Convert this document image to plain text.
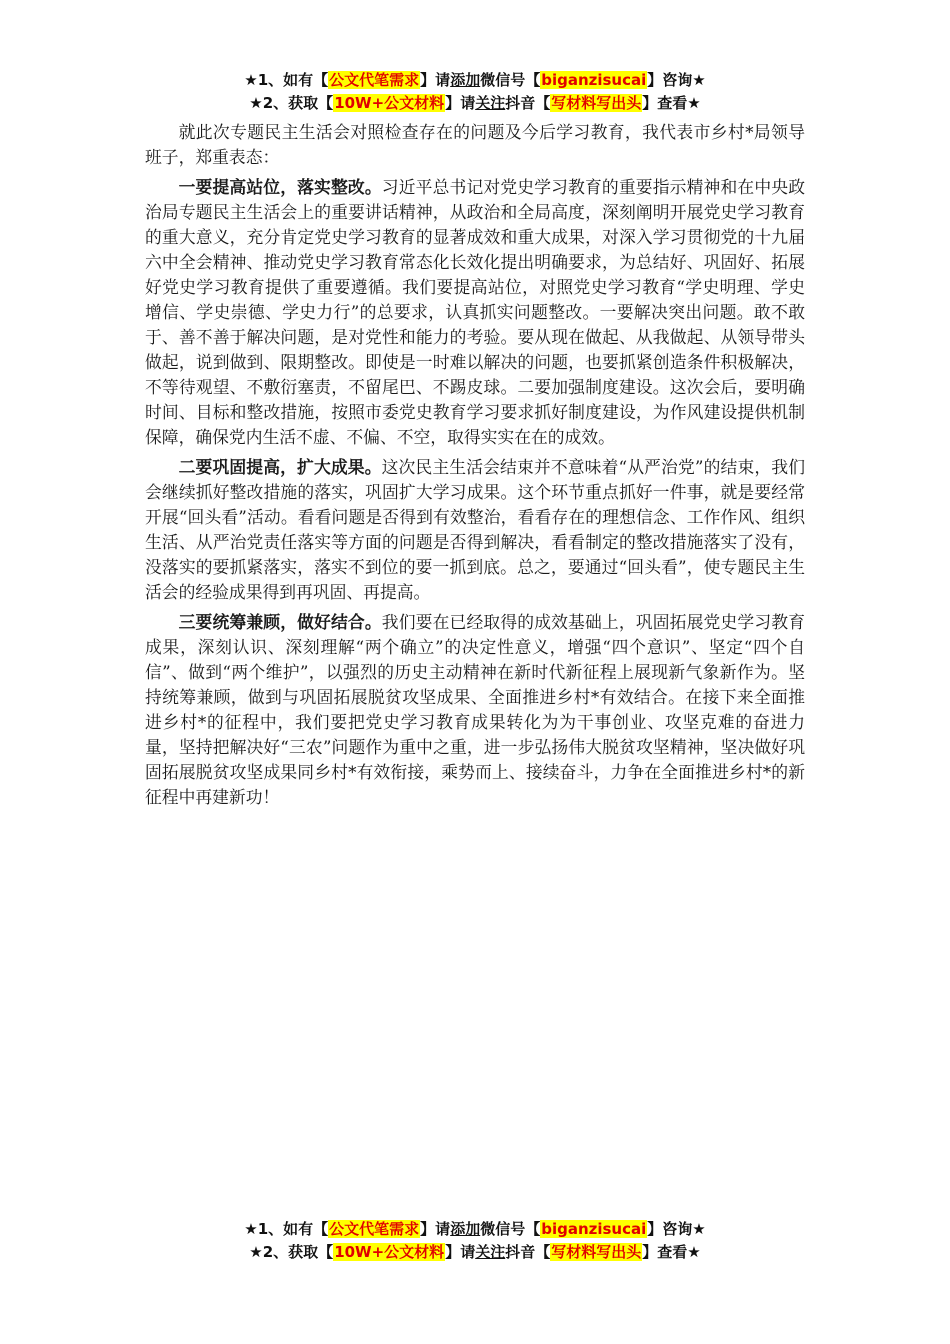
★1、如有【公文代笔需求】请添加微信号【biganzisucai】咨询★
★2、获取【10W+公文材料】请关注抖音【写材料写出头】查看★

就此次专题民主生活会对照检查存在的问题及今后学习教育，我代表市乡村*局领导班子，郑重表态：

一要提高站位，落实整改。习近平总书记对党史学习教育的重要指示精神和在中央政治局专题民主生活会上的重要讲话精神，从政治和全局高度，深刻阐明开展党史学习教育的重大意义，充分肯定党史学习教育的显著成效和重大成果，对深入学习贯彻党的十九届六中全会精神、推动党史学习教育常态化长效化提出明确要求，为总结好、巩固好、拓展好党史学习教育提供了重要遵循。我们要提高站位，对照党史学习教育“学史明理、学史增信、学史崇德、学史力行”的总要求，认真抓实问题整改。一要解决突出问题。敢不敢于、善不善于解决问题，是对党性和能力的考验。要从现在做起、从我做起、从领导带头做起，说到做到、限期整改。即使是一时难以解决的问题，也要抓紧创造条件积极解决，不等待观望、不敷衍塞责，不留尾巴、不踢皮球。二要加强制度建设。这次会后，要明确时间、目标和整改措施，按照市委党史教育学习要求抓好制度建设，为作风建设提供机制保障，确保党内生活不虚、不偏、不空，取得实实在在的成效。

二要巩固提高，扩大成果。这次民主生活会结束并不意味着“从严治党”的结束，我们会继续抓好整改措施的落实，巩固扩大学习成果。这个环节重点抓好一件事，就是要经常开展“回头看”活动。看看问题是否得到有效整治，看看存在的理想信念、工作作风、组织生活、从严治党责任落实等方面的问题是否得到解决，看看制定的整改措施落实了没有，没落实的要抓紧落实，落实不到位的要一抓到底。总之，要通过“回头看”，使专题民主生活会的经验成果得到再巩固、再提高。

三要统筹兼顾，做好结合。我们要在已经取得的成效基础上，巩固拓展党史学习教育成果，深刻认识、深刻理解“两个确立”的决定性意义，增强“四个意识”、坚定“四个自信”、做到“两个维护”，以强烈的历史主动精神在新时代新征程上展现新气象新作为。坚持统筹兼顾，做到与巩固拓展脱贫攻坚成果、全面推进乡村*有效结合。在接下来全面推进乡村*的征程中，我们要把党史学习教育成果转化为为干事创业、攻坚克难的奋进力量，坚持把解决好“三农”问题作为重中之重，进一步弘扬伟大脱贫攻坚精神，坚决做好巩固拓展脱贫攻坚成果同乡村*有效衔接，乘势而上、接续奋斗，力争在全面推进乡村*的新征程中再建新功！

★1、如有【公文代笔需求】请添加微信号【biganzisucai】咨询★
★2、获取【10W+公文材料】请关注抖音【写材料写出头】查看★
